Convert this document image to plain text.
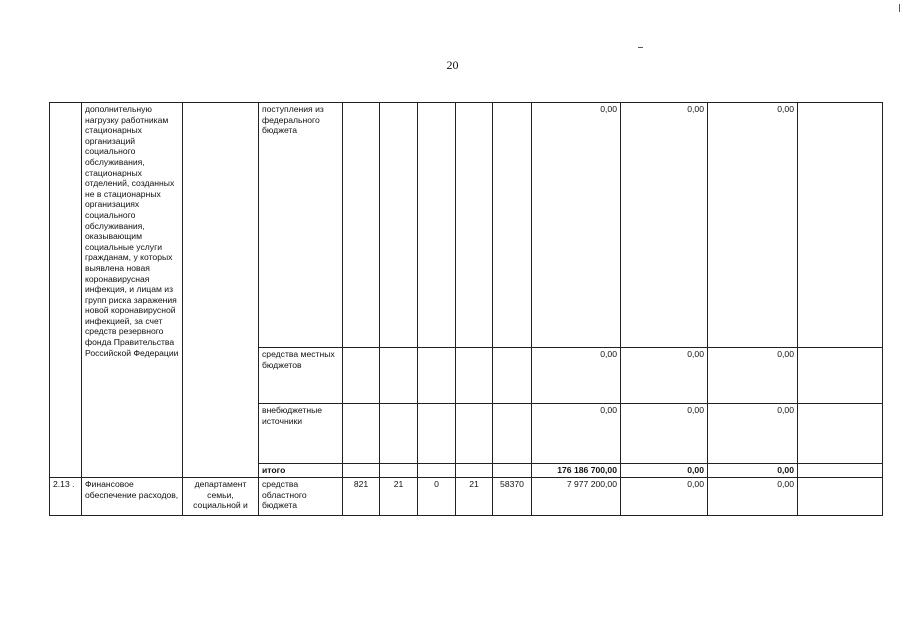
20
	дополнительную нагрузку работникам стационарных организаций социального обслуживания, стационарных отделений, созданных не в стационарных организациях социального обслуживания, оказывающим социальные услуги гражданам, у которых выявлена новая коронавирусная инфекция, и лицам из групп риска заражения новой коронавирусной инфекцией, за счет средств резервного фонда Правительства Российской Федерации		поступления из федерального бюджета						0,00	0,00	0,00	
			средства местных бюджетов						0,00	0,00	0,00	
			внебюджетные источники						0,00	0,00	0,00	
			итого						176 186 700,00	0,00	0,00	
2.13 .	Финансовое обеспечение расходов,	департамент семьи, социальной и	средства областного бюджета	821	21	0	21	58370	7 977 200,00	0,00	0,00	
